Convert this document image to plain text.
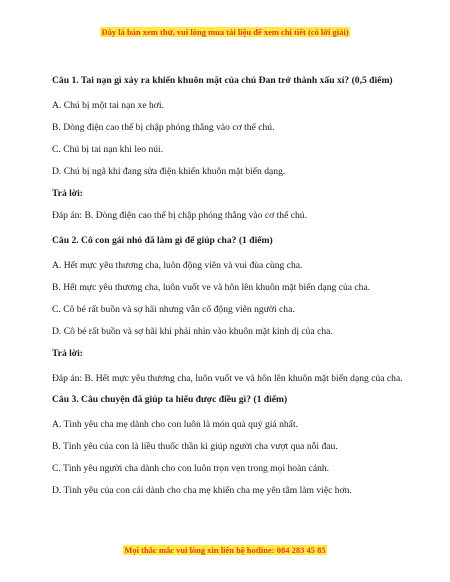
Đây là bản xem thử, vui lòng mua tài liệu để xem chi tiết (có lời giải)
Câu 1. Tai nạn gì xảy ra khiến khuôn mặt của chú Đan trở thành xấu xí? (0,5 điểm)
A. Chú bị một tai nạn xe hơi.
B. Dòng điện cao thế bị chập phóng thẳng vào cơ thể chú.
C. Chú bị tai nạn khi leo núi.
D. Chú bị ngã khi đang sửa điện khiến khuôn mặt biến dạng.
Trả lời:
Đáp án: B. Dòng điện cao thế bị chập phóng thẳng vào cơ thể chú.
Câu 2. Cô con gái nhỏ đã làm gì để giúp cha? (1 điểm)
A. Hết mực yêu thương cha, luôn động viên và vui đùa cùng cha.
B. Hết mực yêu thương cha, luôn vuốt ve và hôn lên khuôn mặt biến dạng của cha.
C. Cô bé rất buồn và sợ hãi nhưng vẫn cố động viên người cha.
D. Cô bé rất buồn và sợ hãi khi phải nhìn vào khuôn mặt kinh dị của cha.
Trả lời:
Đáp án: B. Hết mực yêu thương cha, luôn vuốt ve và hôn lên khuôn mặt biến dạng của cha.
Câu 3. Câu chuyện đã giúp ta hiểu được điều gì? (1 điểm)
A. Tình yêu cha mẹ dành cho con luôn là món quà quý giá nhất.
B. Tình yêu của con là liều thuốc thần kì giúp người cha vượt qua nỗi đau.
C. Tình yêu người cha dành cho con luôn trọn vẹn trong mọi hoàn cảnh.
D. Tình yêu của con cái dành cho cha mẹ khiến cha mẹ yên tâm làm việc hơn.
Mọi thắc mắc vui lòng xin liên hệ hotline: 084 283 45 85
